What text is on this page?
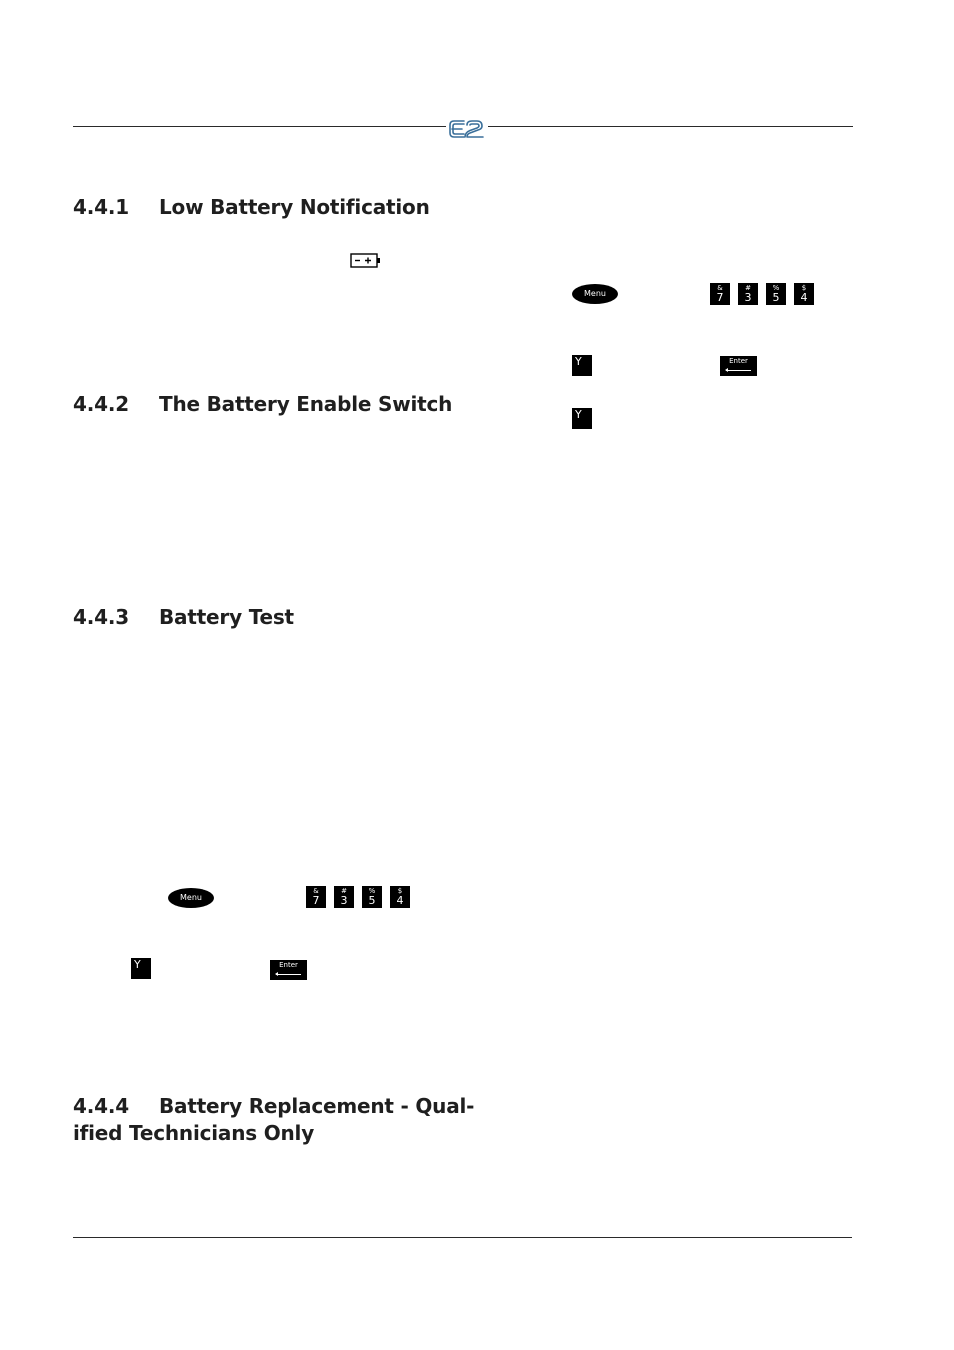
4.4.1 Low Battery Notification
4.4.2 The Battery Enable Switch
4.4.3 Battery Test
4.4.4 Battery Replacement - Qual-
ified Technicians Only
Menu
&
7
#
3
%
5
$
4
Y	Enter
Y
Menu
&
7
#
3
%
5
$
4
Y	Enter
